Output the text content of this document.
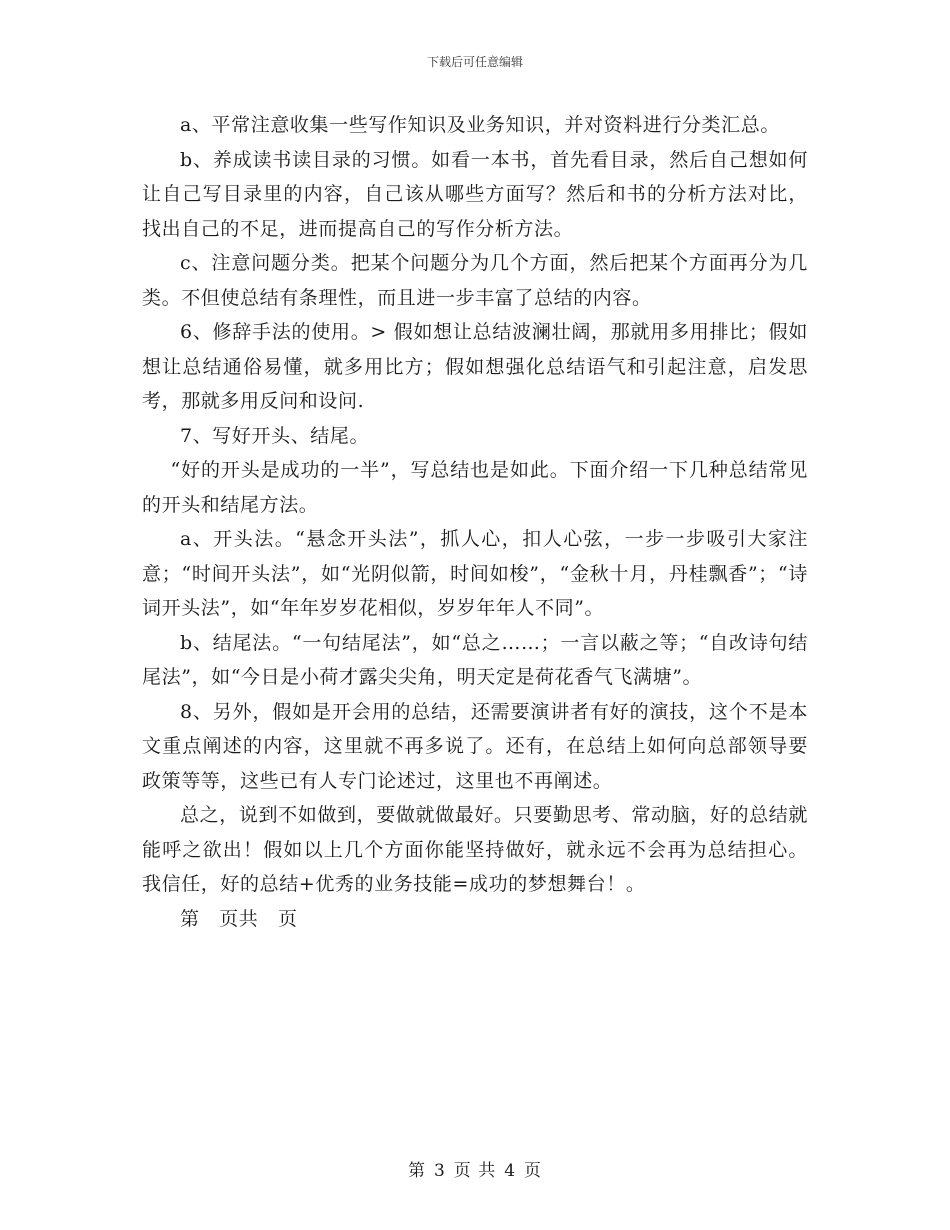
下载后可任意编辑

a、平常注意收集一些写作知识及业务知识，并对资料进行分类汇总。

b、养成读书读目录的习惯。如看一本书，首先看目录，然后自己想如何让自己写目录里的内容，自己该从哪些方面写？然后和书的分析方法对比，找出自己的不足，进而提高自己的写作分析方法。

c、注意问题分类。把某个问题分为几个方面，然后把某个方面再分为几类。不但使总结有条理性，而且进一步丰富了总结的内容。

6、修辞手法的使用。> 假如想让总结波澜壮阔，那就用多用排比；假如想让总结通俗易懂，就多用比方；假如想强化总结语气和引起注意，启发思考，那就多用反问和设问.

7、写好开头、结尾。

“好的开头是成功的一半”，写总结也是如此。下面介绍一下几种总结常见的开头和结尾方法。

a、开头法。“悬念开头法”，抓人心，扣人心弦，一步一步吸引大家注意；“时间开头法”，如“光阴似箭，时间如梭”，“金秋十月，丹桂飘香”；“诗词开头法”，如“年年岁岁花相似，岁岁年年人不同”。

b、结尾法。“一句结尾法”，如“总之……；一言以蔽之等；“自改诗句结尾法”，如“今日是小荷才露尖尖角，明天定是荷花香气飞满塘”。

8、另外，假如是开会用的总结，还需要演讲者有好的演技，这个不是本文重点阐述的内容，这里就不再多说了。还有，在总结上如何向总部领导要政策等等，这些已有人专门论述过，这里也不再阐述。

总之，说到不如做到，要做就做最好。只要勤思考、常动脑，好的总结就能呼之欲出！假如以上几个方面你能坚持做好，就永远不会再为总结担心。我信任，好的总结+优秀的业务技能=成功的梦想舞台！。

第　页共　页

第 3 页 共 4 页
